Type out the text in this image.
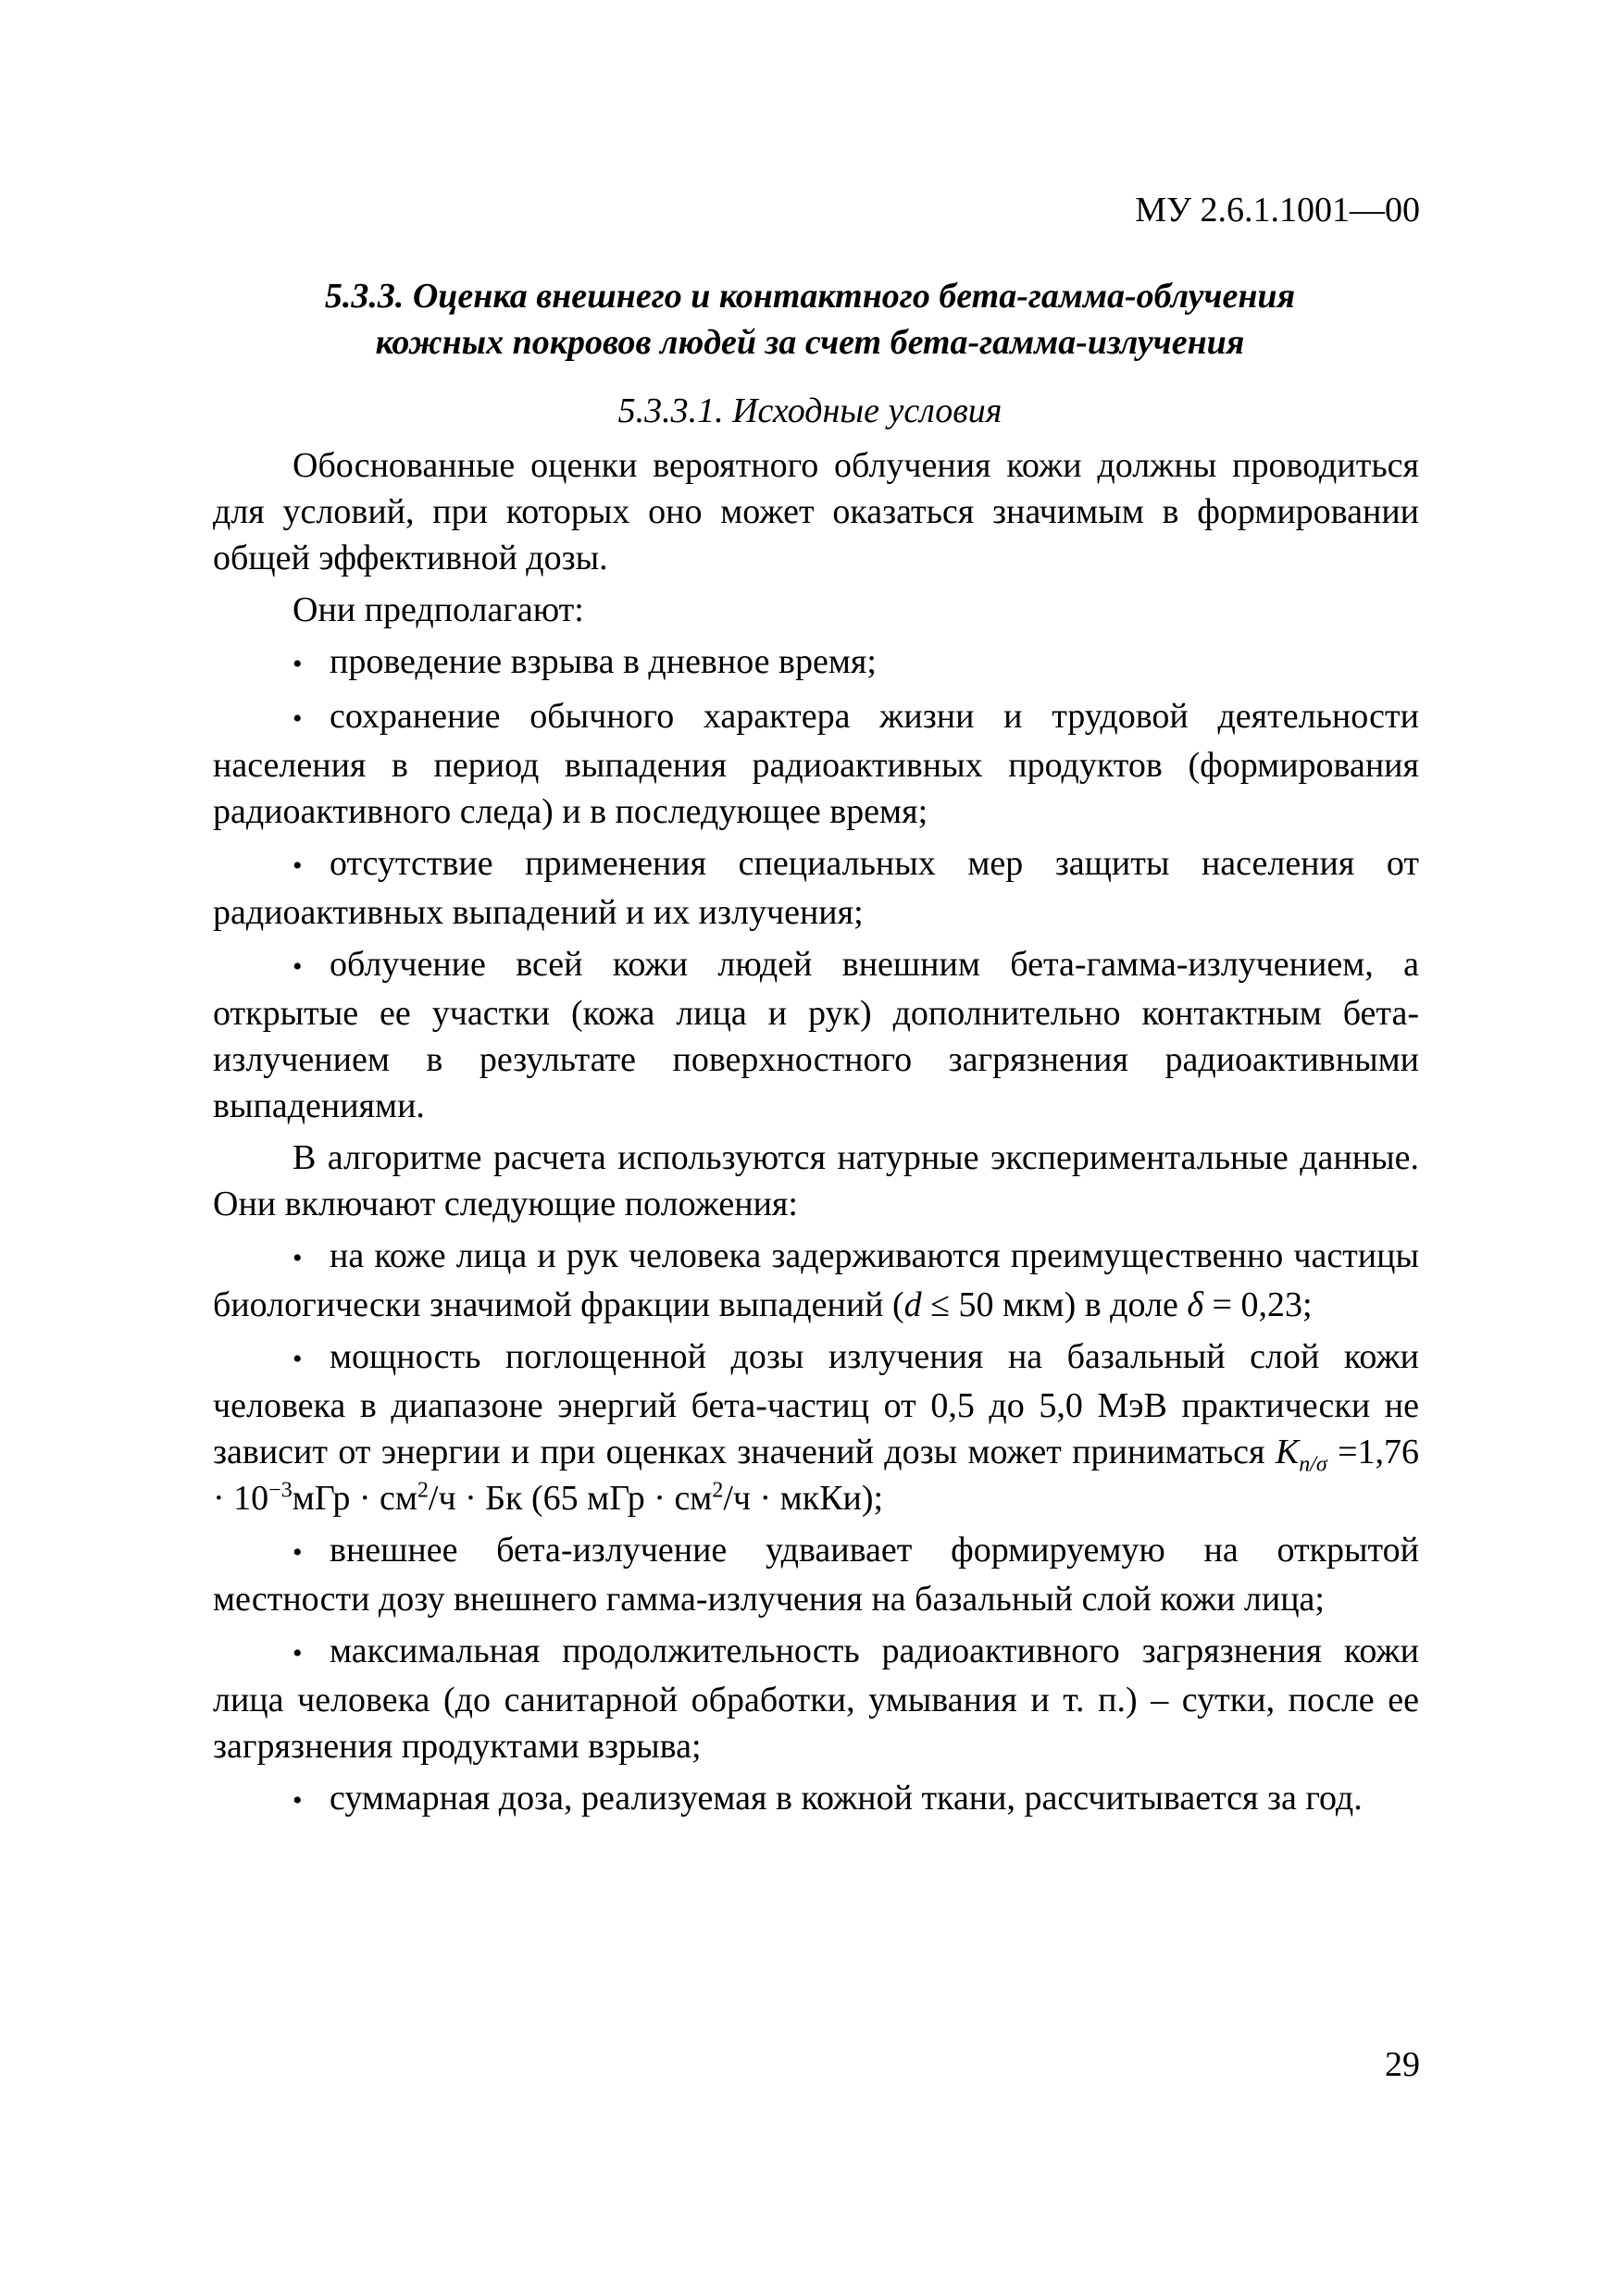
МУ 2.6.1.1001—00
5.3.3. Оценка внешнего и контактного бета-гамма-облучения
кожных покровов людей за счет бета-гамма-излучения
5.3.3.1. Исходные условия

Обоснованные оценки вероятного облучения кожи должны проводиться для условий, при которых оно может оказаться значимым в формировании общей эффективной дозы.

Они предполагают:

• проведение взрыва в дневное время;

• сохранение обычного характера жизни и трудовой деятельности населения в период выпадения радиоактивных продуктов (формирования радиоактивного следа) и в последующее время;

• отсутствие применения специальных мер защиты населения от радиоактивных выпадений и их излучения;

• облучение всей кожи людей внешним бета-гамма-излучением, а открытые ее участки (кожа лица и рук) дополнительно контактным бета-излучением в результате поверхностного загрязнения радиоактивными выпадениями.

В алгоритме расчета используются натурные экспериментальные данные. Они включают следующие положения:

• на коже лица и рук человека задерживаются преимущественно частицы биологически значимой фракции выпадений (d ≤ 50 мкм) в доле δ = 0,23;

• мощность поглощенной дозы излучения на базальный слой кожи человека в диапазоне энергий бета-частиц от 0,5 до 5,0 МэВ практически не зависит от энергии и при оценках значений дозы может приниматься $K_{п/\sigma} =1,76 \cdot 10^{-3}мГр \cdot см^2/ч$ · Бк (65 мГр · $см^2/ч$ · мкКи);

• внешнее бета-излучение удваивает формируемую на открытой местности дозу внешнего гамма-излучения на базальный слой кожи лица;

• максимальная продолжительность радиоактивного загрязнения кожи лица человека (до санитарной обработки, умывания и т. п.) – сутки, после ее загрязнения продуктами взрыва;

• суммарная доза, реализуемая в кожной ткани, рассчитывается за год.

29
